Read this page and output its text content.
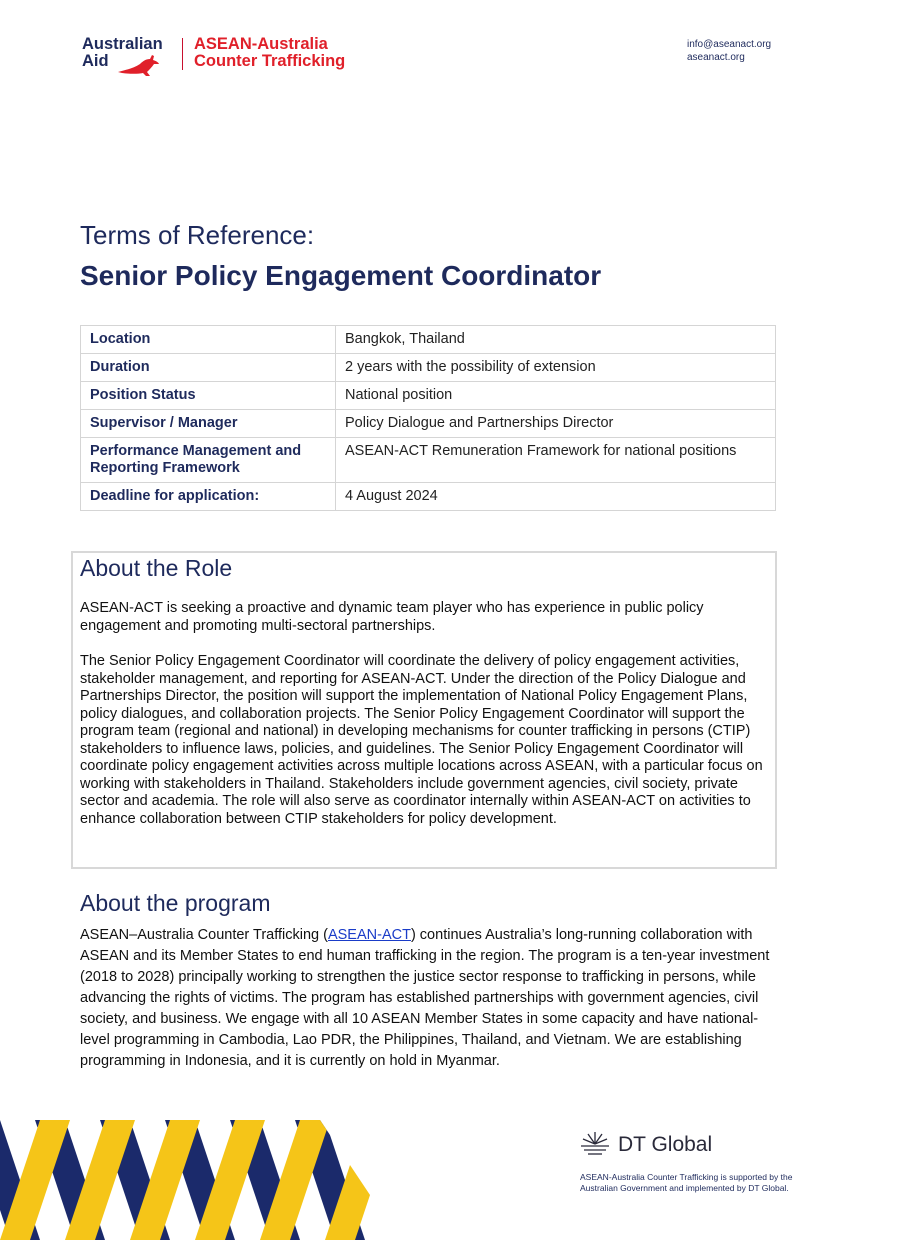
Australian
Aid
ASEAN-Australia
Counter Trafficking
info@aseanact.org
aseanact.org
Terms of Reference:
Senior Policy Engagement Coordinator
Location	Bangkok, Thailand
Duration	2 years with the possibility of extension
Position Status	National position
Supervisor / Manager	Policy Dialogue and Partnerships Director
Performance Management and Reporting Framework	ASEAN-ACT Remuneration Framework for national positions
Deadline for application:	4 August 2024
About the Role
ASEAN-ACT is seeking a proactive and dynamic team player who has experience in public policy engagement and promoting multi-sectoral partnerships.
The Senior Policy Engagement Coordinator will coordinate the delivery of policy engagement activities, stakeholder management, and reporting for ASEAN-ACT. Under the direction of the Policy Dialogue and Partnerships Director, the position will support the implementation of National Policy Engagement Plans, policy dialogues, and collaboration projects. The Senior Policy Engagement Coordinator will support the program team (regional and national) in developing mechanisms for counter trafficking in persons (CTIP) stakeholders to influence laws, policies, and guidelines. The Senior Policy Engagement Coordinator will coordinate policy engagement activities across multiple locations across ASEAN, with a particular focus on working with stakeholders in Thailand. Stakeholders include government agencies, civil society, private sector and academia. The role will also serve as coordinator internally within ASEAN-ACT on activities to enhance collaboration between CTIP stakeholders for policy development.
About the program
ASEAN–Australia Counter Trafficking (ASEAN-ACT) continues Australia’s long-running collaboration with ASEAN and its Member States to end human trafficking in the region. The program is a ten-year investment (2018 to 2028) principally working to strengthen the justice sector response to trafficking in persons, while advancing the rights of victims. The program has established partnerships with government agencies, civil society, and business. We engage with all 10 ASEAN Member States in some capacity and have national-level programming in Cambodia, Lao PDR, the Philippines, Thailand, and Vietnam. We are establishing programming in Indonesia, and it is currently on hold in Myanmar.
DT Global
ASEAN-Australia Counter Trafficking is supported by the Australian Government and implemented by DT Global.
